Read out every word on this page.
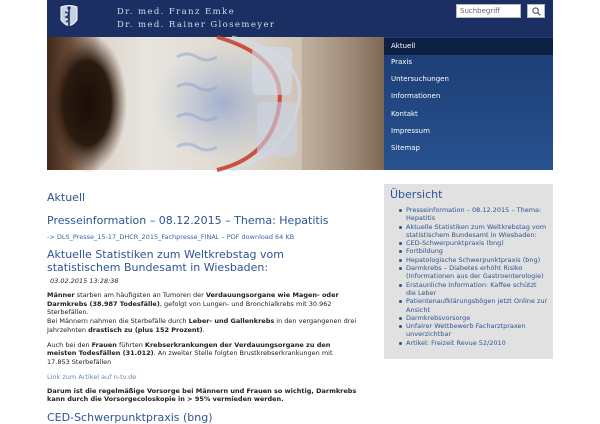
Dr. med. Franz Emke
Dr. med. Rainer Glosemeyer
Suchbegriff
Aktuell
Praxis
Untersuchungen
Informationen
Kontakt
Impressum
Sitemap
Aktuell
Presseinformation – 08.12.2015 – Thema: Hepatitis
-> DLS_Presse_15-17_DHCR_2015_Fachpresse_FINAL – PDF download 64 KB
Aktuelle Statistiken zum Weltkrebstag vom statistischem Bundesamt in Wiesbaden:
03.02.2015 13:28:38

Männer starben am häufigsten an Tumoren der Verdauungsorgane wie Magen- oder Darmkrebs (38.987 Todesfälle), gefolgt von Lungen- und Bronchialkrebs mit 30.962 Sterbefällen.
Bei Männern nahmen die Sterbefälle durch Leber- und Gallenkrebs in den vergangenen drei Jahrzehnten drastisch zu (plus 152 Prozent).

Auch bei den Frauen führten Krebserkrankungen der Verdauungsorgane zu den meisten Todesfällen (31.012). An zweiter Stelle folgten Brustkrebserkrankungen mit 17.853 Sterbefällen

Link zum Artikel auf n-tv.de

Darum ist die regelmäßige Vorsorge bei Männern und Frauen so wichtig, Darmkrebs kann durch die Vorsorgecoloskopie in > 95% vermieden werden.

CED-Schwerpunktpraxis (bng)
Übersicht
Presseinformation – 08.12.2015 – Thema: Hepatitis
Aktuelle Statistiken zum Weltkrebstag vom statistischem Bundesamt in Wiesbaden:
CED-Schwerpunktpraxis (bng)
Fortbildung
Hepatologische Schwerpunktpraxis (bng)
Darmkrebs – Diabetes erhöht Risiko (Informationen aus der Gastroenterologie)
Erstaunliche Information: Kaffee schützt die Leber
Patientenaufklärungsbögen jetzt Online zur Ansicht
Darmkrebsvorsorge
Unfairer Wettbewerb Facharztpraxen unverzichtbar
Artikel: Freizeit Revue 52/2010
